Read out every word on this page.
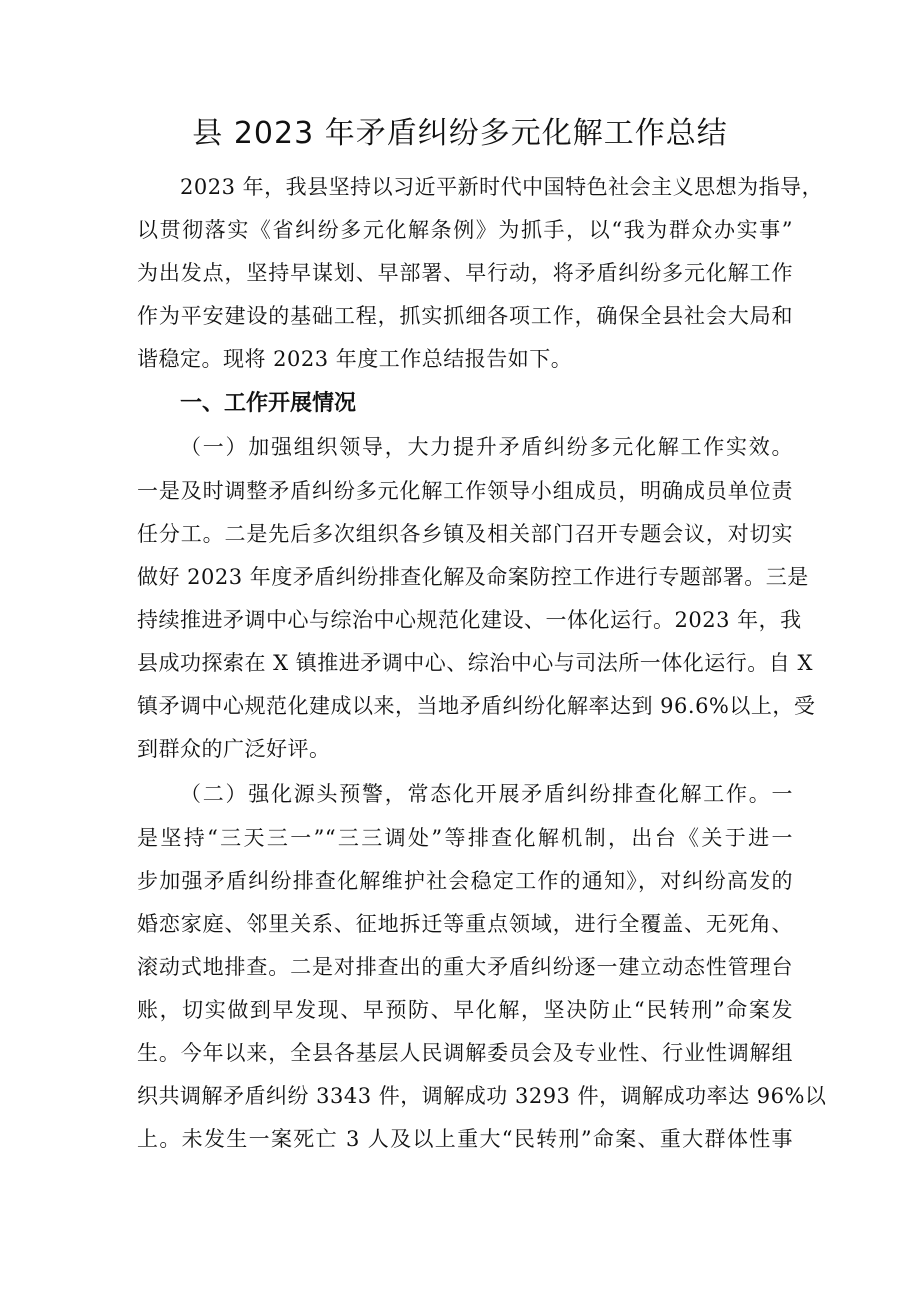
县 2023 年矛盾纠纷多元化解工作总结
2023 年，我县坚持以习近平新时代中国特色社会主义思想为指导，
以贯彻落实《省纠纷多元化解条例》为抓手，以“我为群众办实事”
为出发点，坚持早谋划、早部署、早行动，将矛盾纠纷多元化解工作
作为平安建设的基础工程，抓实抓细各项工作，确保全县社会大局和
谐稳定。现将 2023 年度工作总结报告如下。
一、工作开展情况
（一）加强组织领导，大力提升矛盾纠纷多元化解工作实效。
一是及时调整矛盾纠纷多元化解工作领导小组成员，明确成员单位责
任分工。二是先后多次组织各乡镇及相关部门召开专题会议，对切实
做好 2023 年度矛盾纠纷排查化解及命案防控工作进行专题部署。三是
持续推进矛调中心与综治中心规范化建设、一体化运行。2023 年，我
县成功探索在 X 镇推进矛调中心、综治中心与司法所一体化运行。自 X
镇矛调中心规范化建成以来，当地矛盾纠纷化解率达到 96.6%以上，受
到群众的广泛好评。
（二）强化源头预警，常态化开展矛盾纠纷排查化解工作。一
是坚持“三天三一”“三三调处”等排查化解机制，出台《关于进一
步加强矛盾纠纷排查化解维护社会稳定工作的通知》，对纠纷高发的
婚恋家庭、邻里关系、征地拆迁等重点领域，进行全覆盖、无死角、
滚动式地排查。二是对排查出的重大矛盾纠纷逐一建立动态性管理台
账，切实做到早发现、早预防、早化解，坚决防止“民转刑”命案发
生。今年以来，全县各基层人民调解委员会及专业性、行业性调解组
织共调解矛盾纠纷 3343 件，调解成功 3293 件，调解成功率达 96%以
上。未发生一案死亡 3 人及以上重大“民转刑”命案、重大群体性事
